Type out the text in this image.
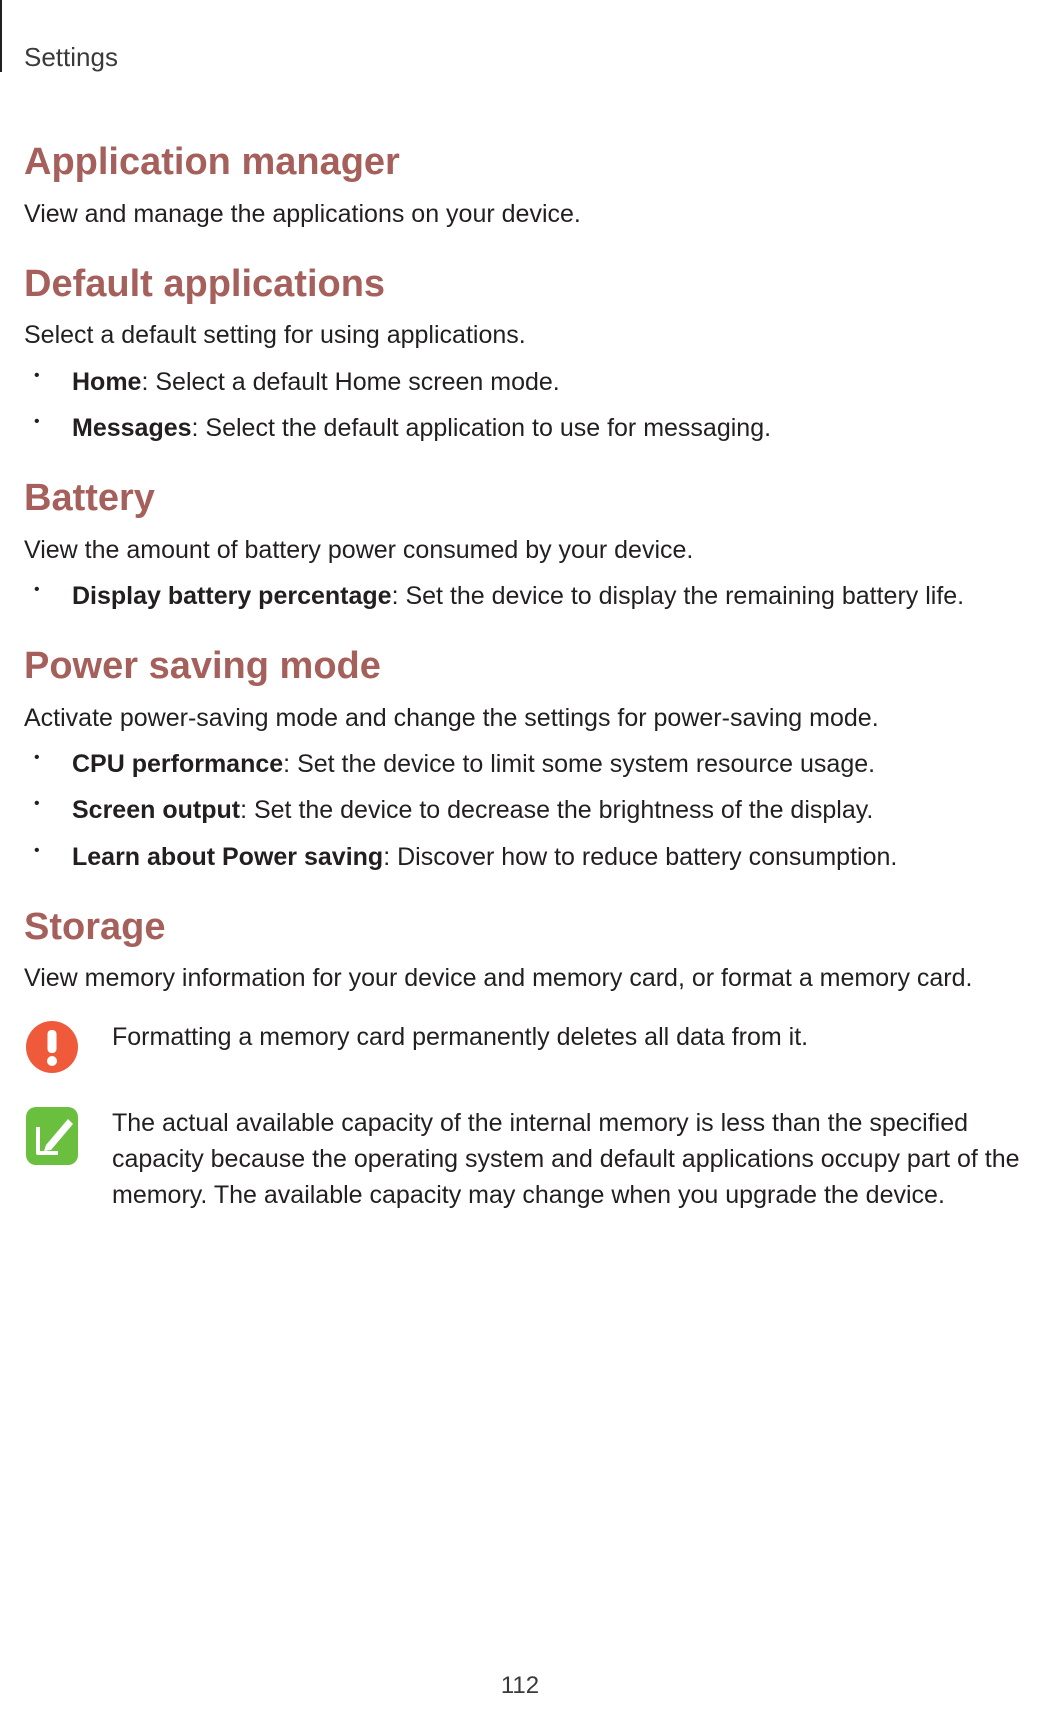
Settings
Application manager

View and manage the applications on your device.

Default applications

Select a default setting for using applications.

• Home: Select a default Home screen mode.
• Messages: Select the default application to use for messaging.
Battery

View the amount of battery power consumed by your device.

• Display battery percentage: Set the device to display the remaining battery life.
Power saving mode

Activate power-saving mode and change the settings for power-saving mode.

• CPU performance: Set the device to limit some system resource usage.
• Screen output: Set the device to decrease the brightness of the display.
• Learn about Power saving: Discover how to reduce battery consumption.
Storage

View memory information for your device and memory card, or format a memory card.

Formatting a memory card permanently deletes all data from it.
The actual available capacity of the internal memory is less than the specified capacity because the operating system and default applications occupy part of the memory. The available capacity may change when you upgrade the device.
112
